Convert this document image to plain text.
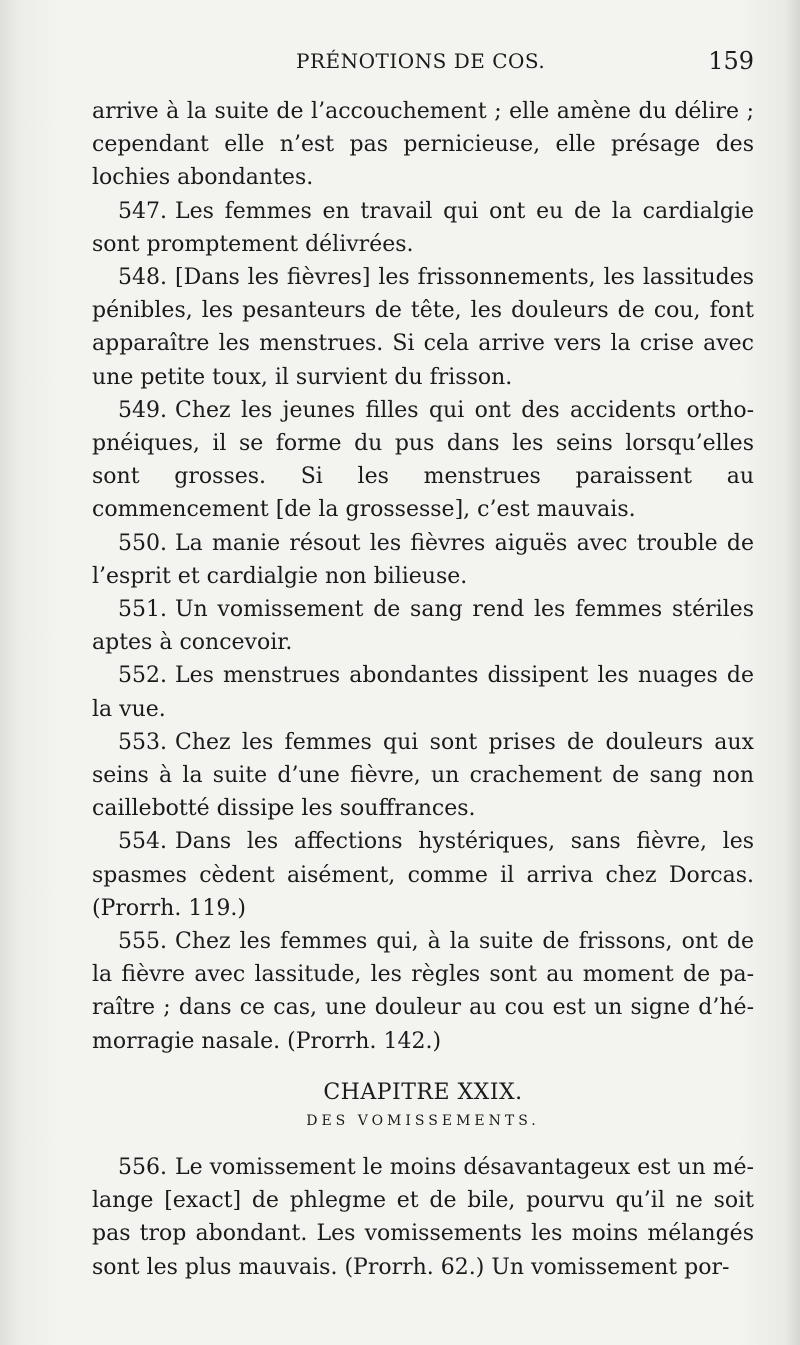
PRÉNOTIONS DE COS.	159

arrive à la suite de l’accouchement ; elle amène du délire ; cependant elle n’est pas pernicieuse, elle présage des lochies abondantes.

547. Les femmes en travail qui ont eu de la cardialgie sont promptement délivrées.

548. [Dans les fièvres] les frissonnements, les lassitudes pénibles, les pesanteurs de tête, les douleurs de cou, font apparaître les menstrues. Si cela arrive vers la crise avec une petite toux, il survient du frisson.

549. Chez les jeunes filles qui ont des accidents ortho- pnéiques, il se forme du pus dans les seins lorsqu’elles sont grosses. Si les menstrues paraissent au commencement [de la grossesse], c’est mauvais.

550. La manie résout les fièvres aiguës avec trouble de l’esprit et cardialgie non bilieuse.

551. Un vomissement de sang rend les femmes stériles aptes à concevoir.

552. Les menstrues abondantes dissipent les nuages de la vue.

553. Chez les femmes qui sont prises de douleurs aux seins à la suite d’une fièvre, un crachement de sang non caillebotté dissipe les souffrances.

554. Dans les affections hystériques, sans fièvre, les spasmes cèdent aisément, comme il arriva chez Dorcas. (Prorrh. 119.)

555. Chez les femmes qui, à la suite de frissons, ont de la fièvre avec lassitude, les règles sont au moment de pa- raître ; dans ce cas, une douleur au cou est un signe d’hé- morragie nasale. (Prorrh. 142.)

CHAPITRE XXIX.
DES VOMISSEMENTS.

556. Le vomissement le moins désavantageux est un mé- lange [exact] de phlegme et de bile, pourvu qu’il ne soit pas trop abondant. Les vomissements les moins mélangés sont les plus mauvais. (Prorrh. 62.) Un vomissement por-
